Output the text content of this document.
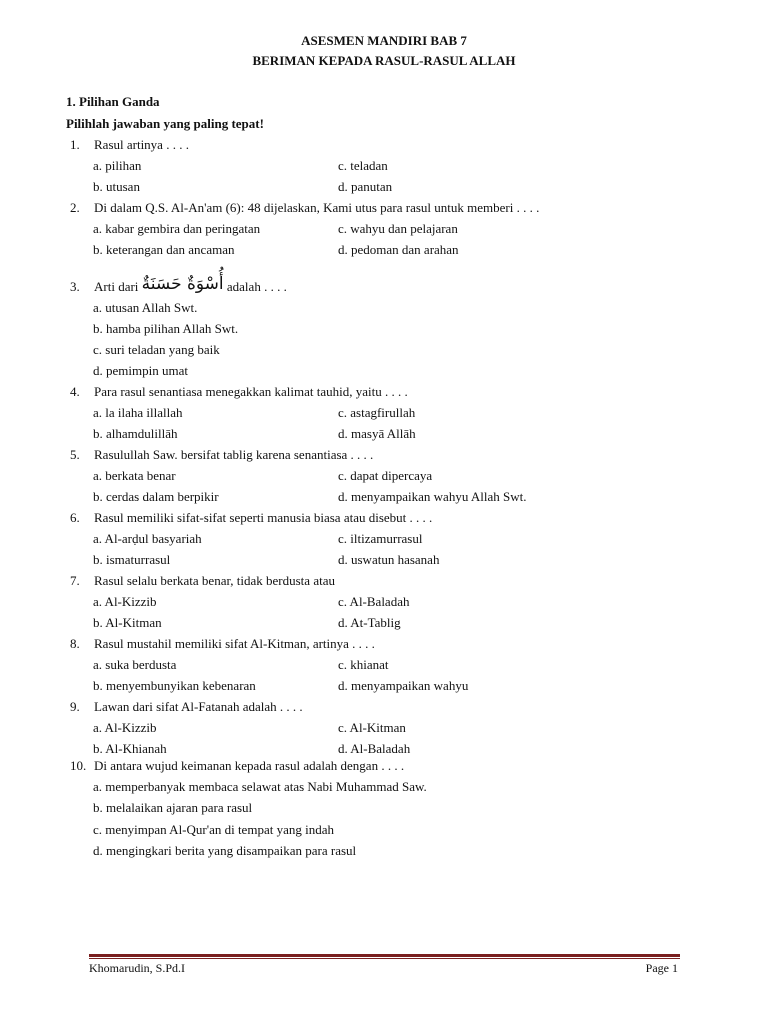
ASESMEN MANDIRI BAB 7
BERIMAN KEPADA RASUL-RASUL ALLAH
1. Pilihan Ganda
Pilihlah jawaban yang paling tepat!
1. Rasul artinya . . . .
a. pilihan	c. teladan
b. utusan	d. panutan
2. Di dalam Q.S. Al-An'am (6): 48 dijelaskan, Kami utus para rasul untuk memberi . . . .
a. kabar gembira dan peringatan	c. wahyu dan pelajaran
b. keterangan dan ancaman	d. pedoman dan arahan
3. Arti dari أُسْوَةٌ حَسَنَةٌ adalah . . . .
a. utusan Allah Swt.
b. hamba pilihan Allah Swt.
c. suri teladan yang baik
d. pemimpin umat
4. Para rasul senantiasa menegakkan kalimat tauhid, yaitu . . . .
a. la ilaha illallah	c. astagfirullah
b. alhamdulillāh	d. masyā Allāh
5. Rasulullah Saw. bersifat tablig karena senantiasa . . . .
a. berkata benar	c. dapat dipercaya
b. cerdas dalam berpikir	d. menyampaikan wahyu Allah Swt.
6. Rasul memiliki sifat-sifat seperti manusia biasa atau disebut . . . .
a. Al-arḍul basyariah	c. iltizamurrasul
b. ismaturrasul	d. uswatun hasanah
7. Rasul selalu berkata benar, tidak berdusta atau
a. Al-Kizzib	c. Al-Baladah
b. Al-Kitman	d. At-Tablig
8. Rasul mustahil memiliki sifat Al-Kitman, artinya . . . .
a. suka berdusta	c. khianat
b. menyembunyikan kebenaran	d. menyampaikan wahyu
9. Lawan dari sifat Al-Fatanah adalah . . . .
a. Al-Kizzib	c. Al-Kitman
b. Al-Khianah	d. Al-Baladah
10. Di antara wujud keimanan kepada rasul adalah dengan . . . .
a. memperbanyak membaca selawat atas Nabi Muhammad Saw.
b. melalaikan ajaran para rasul
c. menyimpan Al-Qur'an di tempat yang indah
d. mengingkari berita yang disampaikan para rasul
Khomarudin, S.Pd.I	Page 1
